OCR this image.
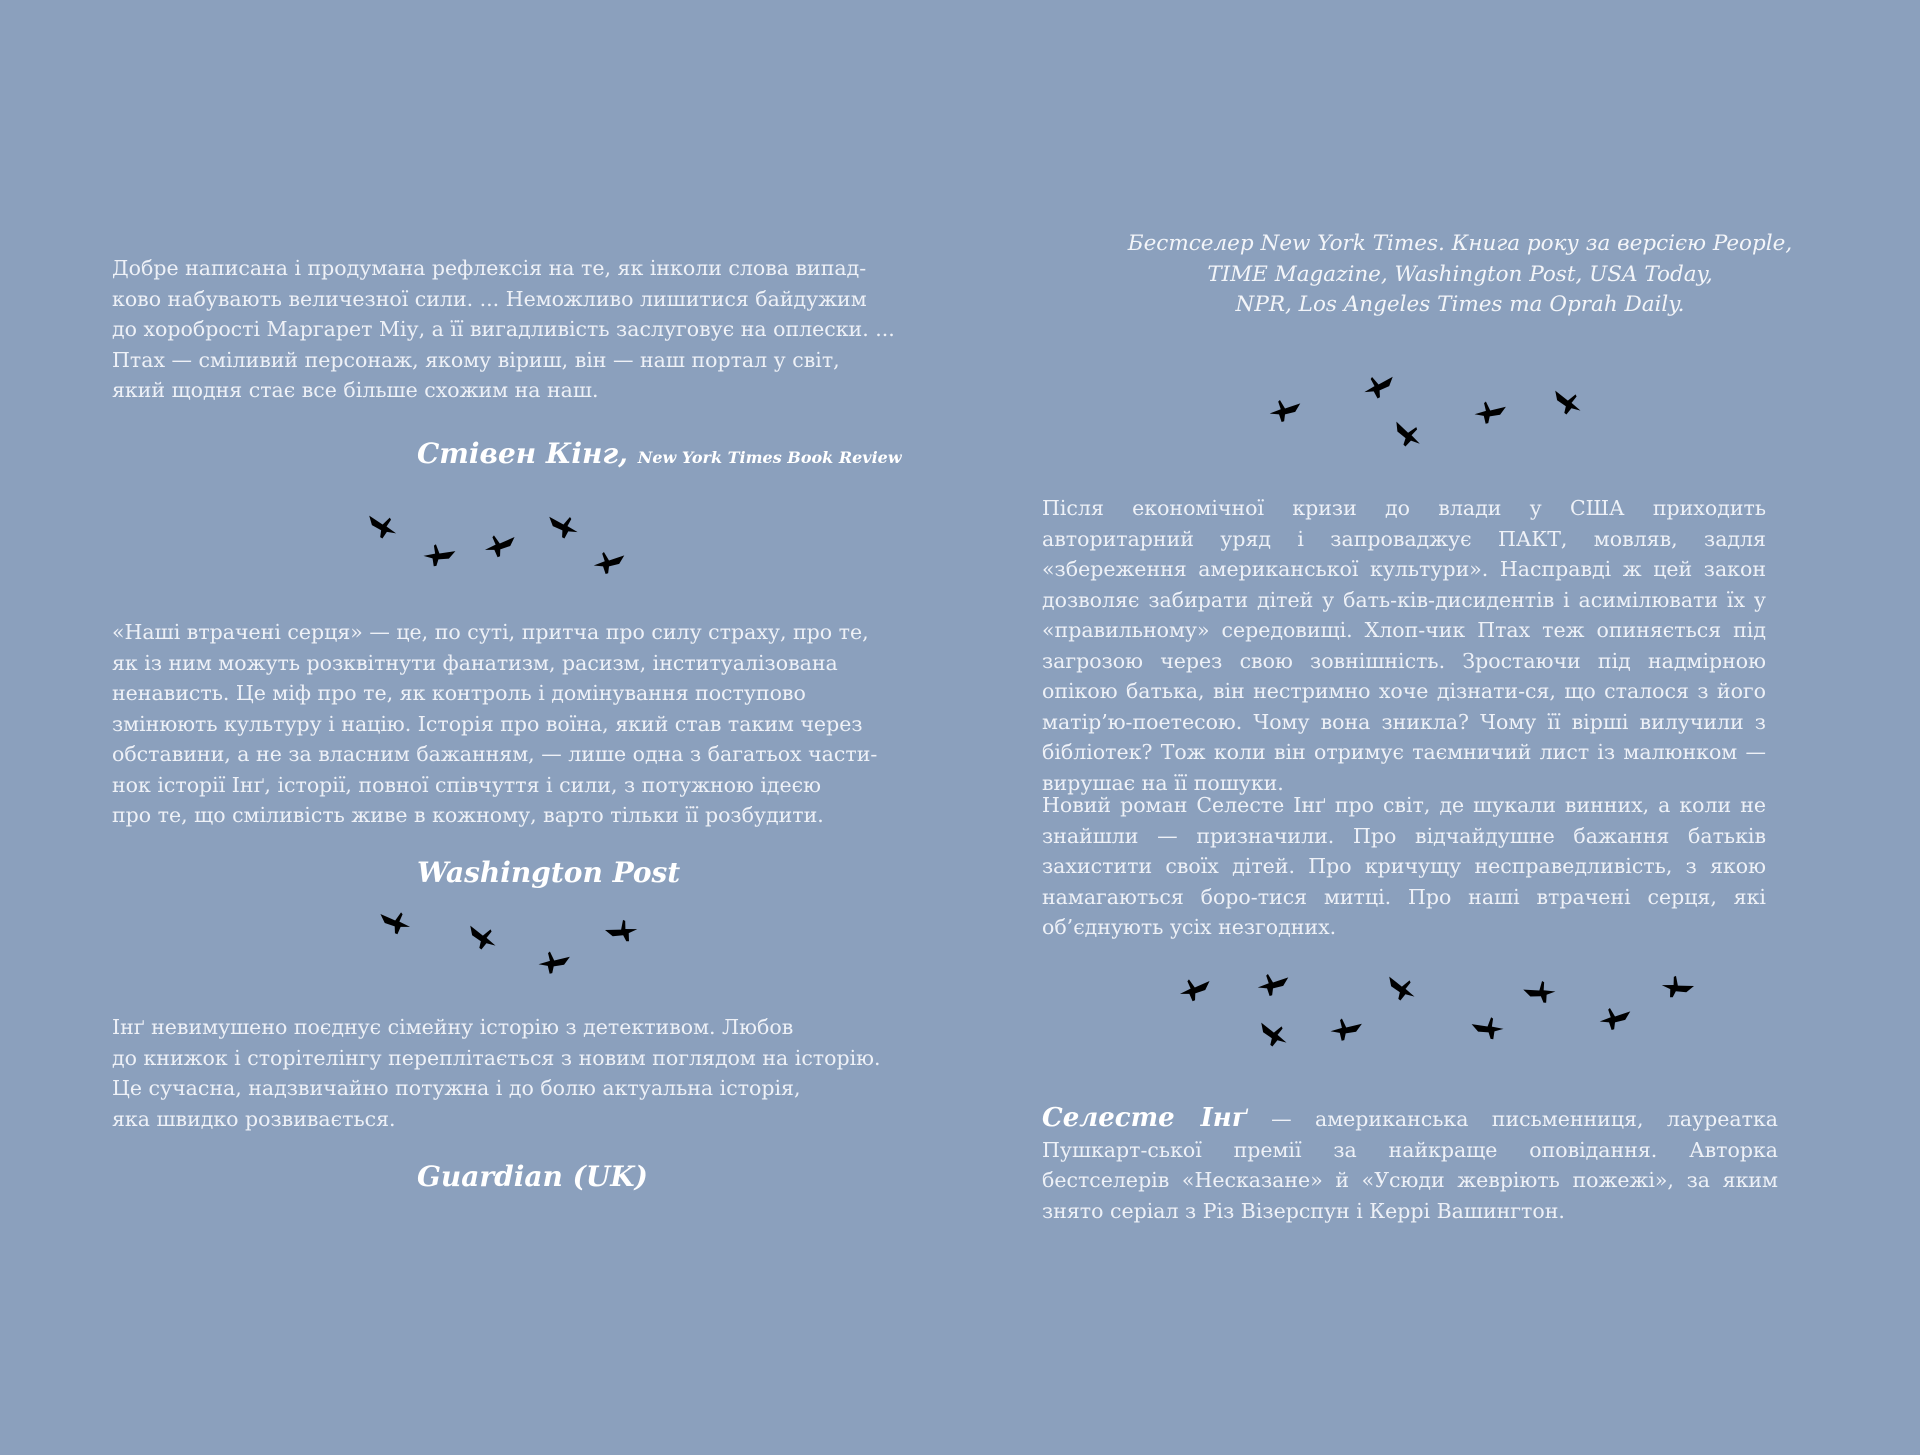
Добре написана і продумана рефлексія на те, як інколи слова випад-
ково набувають величезної сили. ... Неможливо лишитися байдужим
до хоробрості Маргарет Міу, а її вигадливість заслуговує на оплески. ...
Птах — сміливий персонаж, якому віриш, він — наш портал у світ,
який щодня стає все більше схожим на наш.
Стівен Кінг, New York Times Book Review
«Наші втрачені серця» — це, по суті, притча про силу страху, про те,
як із ним можуть розквітнути фанатизм, расизм, інституалізована
ненависть. Це міф про те, як контроль і домінування поступово
змінюють культуру і націю. Історія про воїна, який став таким через
обставини, а не за власним бажанням, — лише одна з багатьох части-
нок історії Інґ, історії, повної співчуття і сили, з потужною ідеєю
про те, що сміливість живе в кожному, варто тільки її розбудити.
Washington Post
Інґ невимушено поєднує сімейну історію з детективом. Любов
до книжок і сторітелінгу переплітається з новим поглядом на історію.
Це сучасна, надзвичайно потужна і до болю актуальна історія,
яка швидко розвивається.
Guardian (UK)
Бестселер New York Times. Книга року за версією People,
TIME Magazine, Washington Post, USA Today,
NPR, Los Angeles Times та Oprah Daily.

Після економічної кризи до влади у США приходить авторитарний уряд і запроваджує ПАКТ, мовляв, задля «збереження американської культури». Насправді ж цей закон дозволяє забирати дітей у бать-ків-дисидентів і асимілювати їх у «правильному» середовищі. Хлоп-чик Птах теж опиняється під загрозою через свою зовнішність. Зростаючи під надмірною опікою батька, він нестримно хоче дізнати-ся, що сталося з його матір’ю-поетесою. Чому вона зникла? Чому її вірші вилучили з бібліотек? Тож коли він отримує таємничий лист із малюнком — вирушає на її пошуки.

Новий роман Селесте Інґ про світ, де шукали винних, а коли не знайшли — призначили. Про відчайдушне бажання батьків захистити своїх дітей. Про кричущу несправедливість, з якою намагаються боро-тися митці. Про наші втрачені серця, які об’єднують усіх незгодних.

Селесте Інґ — американська письменниця, лауреатка Пушкарт-ської премії за найкраще оповідання. Авторка бестселерів «Несказане» й «Усюди жевріють пожежі», за яким знято серіал з Різ Візерспун і Керрі Вашингтон.
